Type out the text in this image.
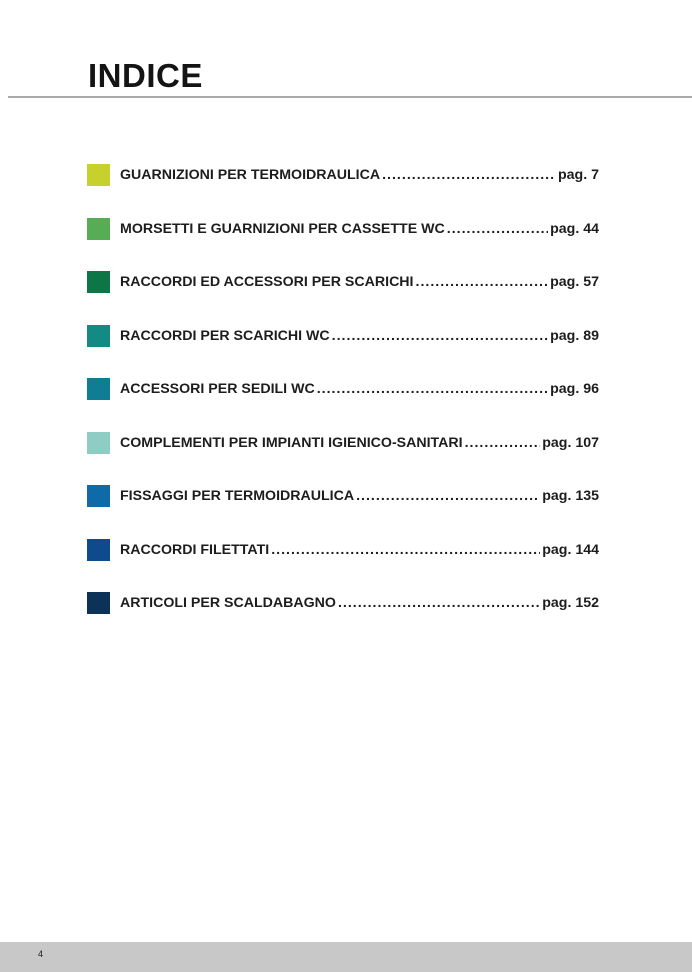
INDICE
GUARNIZIONI PER TERMOIDRAULICA .....	pag. 7
MORSETTI E GUARNIZIONI PER CASSETTE WC .....	pag. 44
RACCORDI ED ACCESSORI PER SCARICHI .....	pag. 57
RACCORDI PER SCARICHI WC .....	pag. 89
ACCESSORI PER SEDILI WC .....	pag. 96
COMPLEMENTI PER IMPIANTI IGIENICO-SANITARI .....	pag. 107
FISSAGGI PER TERMOIDRAULICA .....	pag. 135
RACCORDI FILETTATI .....	pag. 144
ARTICOLI PER SCALDABAGNO .....	pag. 152
4
